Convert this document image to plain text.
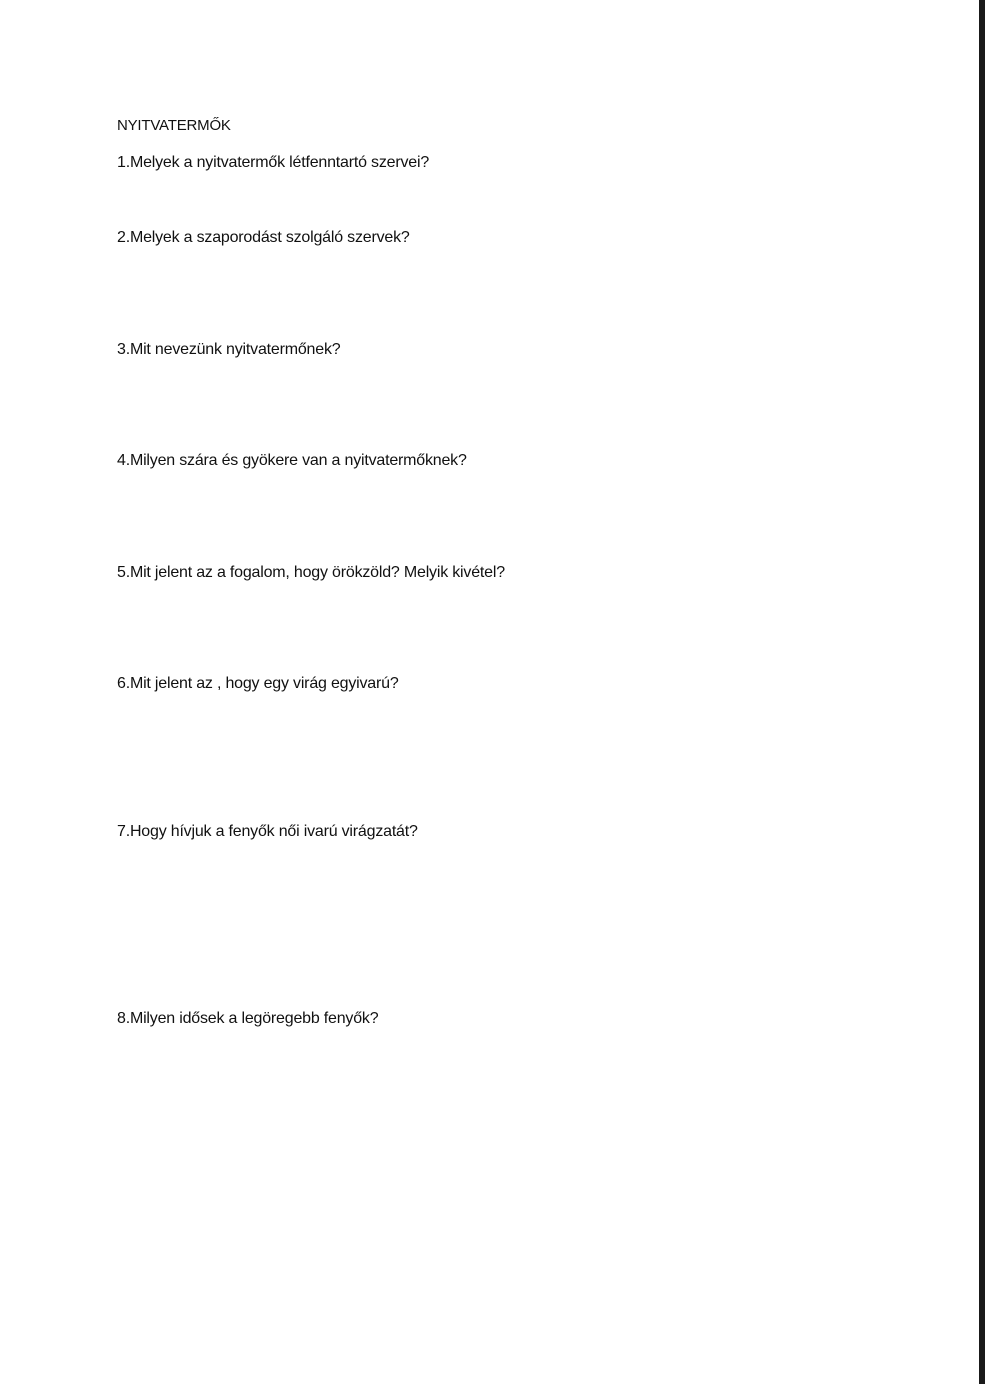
NYITVATERMŐK
1.Melyek a nyitvatermők létfenntartó szervei?
2.Melyek a szaporodást szolgáló szervek?
3.Mit nevezünk nyitvatermőnek?
4.Milyen szára és gyökere van a nyitvatermőknek?
5.Mit jelent az a fogalom, hogy örökzöld? Melyik kivétel?
6.Mit jelent az , hogy egy virág egyivarú?
7.Hogy hívjuk a fenyők női ivarú virágzatát?
8.Milyen idősek a legöregebb fenyők?
